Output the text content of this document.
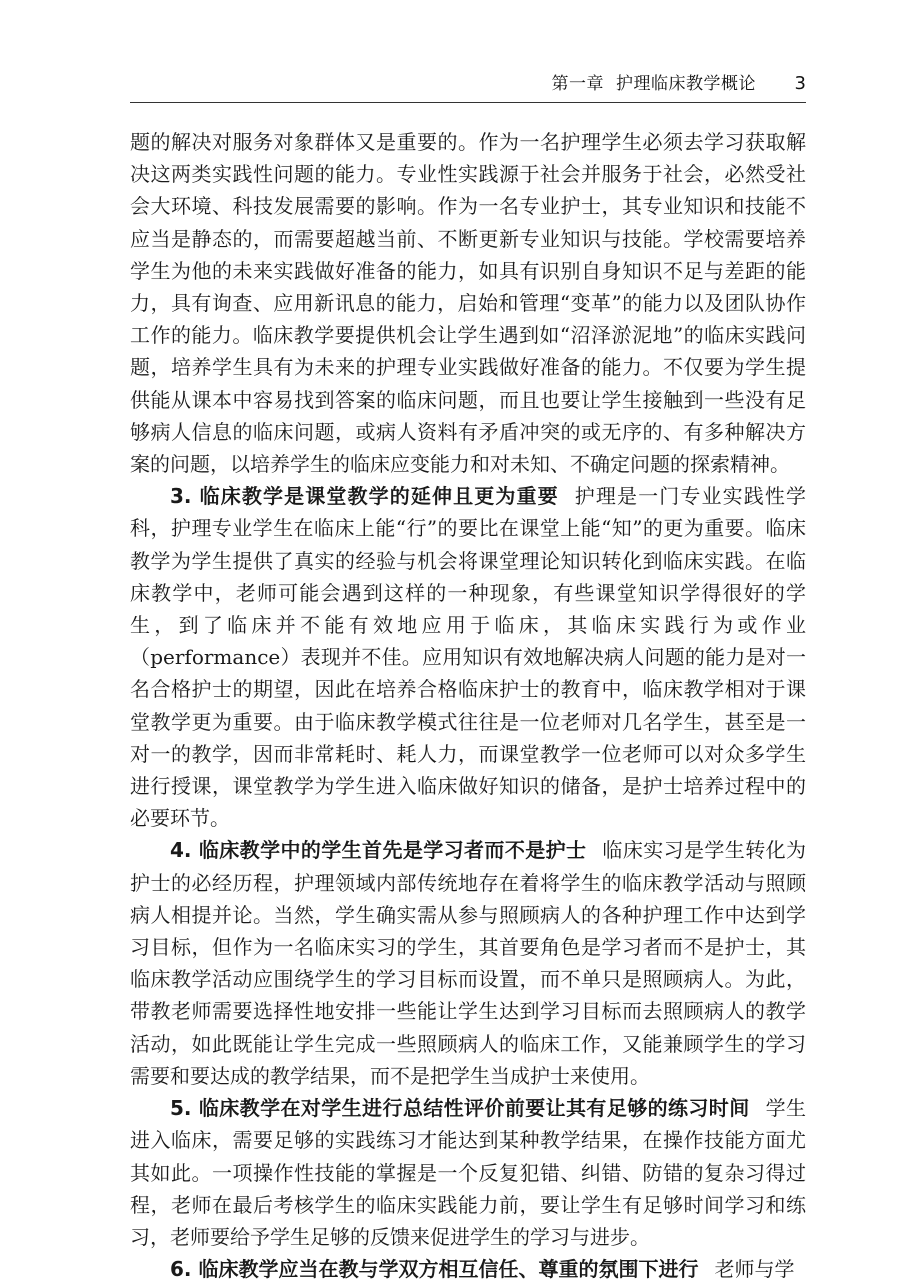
第一章 护理临床教学概论 3

题的解决对服务对象群体又是重要的。作为一名护理学生必须去学习获取解决这两类实践性问题的能力。专业性实践源于社会并服务于社会，必然受社会大环境、科技发展需要的影响。作为一名专业护士，其专业知识和技能不应当是静态的，而需要超越当前、不断更新专业知识与技能。学校需要培养学生为他的未来实践做好准备的能力，如具有识别自身知识不足与差距的能力，具有询查、应用新讯息的能力，启始和管理“变革”的能力以及团队协作工作的能力。临床教学要提供机会让学生遇到如“沼泽淤泥地”的临床实践问题，培养学生具有为未来的护理专业实践做好准备的能力。不仅要为学生提供能从课本中容易找到答案的临床问题，而且也要让学生接触到一些没有足够病人信息的临床问题，或病人资料有矛盾冲突的或无序的、有多种解决方案的问题，以培养学生的临床应变能力和对未知、不确定问题的探索精神。

3. 临床教学是课堂教学的延伸且更为重要 护理是一门专业实践性学科，护理专业学生在临床上能“行”的要比在课堂上能“知”的更为重要。临床教学为学生提供了真实的经验与机会将课堂理论知识转化到临床实践。在临床教学中，老师可能会遇到这样的一种现象，有些课堂知识学得很好的学生，到了临床并不能有效地应用于临床，其临床实践行为或作业（performance）表现并不佳。应用知识有效地解决病人问题的能力是对一名合格护士的期望，因此在培养合格临床护士的教育中，临床教学相对于课堂教学更为重要。由于临床教学模式往往是一位老师对几名学生，甚至是一对一的教学，因而非常耗时、耗人力，而课堂教学一位老师可以对众多学生进行授课，课堂教学为学生进入临床做好知识的储备，是护士培养过程中的必要环节。

4. 临床教学中的学生首先是学习者而不是护士 临床实习是学生转化为护士的必经历程，护理领域内部传统地存在着将学生的临床教学活动与照顾病人相提并论。当然，学生确实需从参与照顾病人的各种护理工作中达到学习目标，但作为一名临床实习的学生，其首要角色是学习者而不是护士，其临床教学活动应围绕学生的学习目标而设置，而不单只是照顾病人。为此，带教老师需要选择性地安排一些能让学生达到学习目标而去照顾病人的教学活动，如此既能让学生完成一些照顾病人的临床工作，又能兼顾学生的学习需要和要达成的教学结果，而不是把学生当成护士来使用。

5. 临床教学在对学生进行总结性评价前要让其有足够的练习时间 学生进入临床，需要足够的实践练习才能达到某种教学结果，在操作技能方面尤其如此。一项操作性技能的掌握是一个反复犯错、纠错、防错的复杂习得过程，老师在最后考核学生的临床实践能力前，要让学生有足够时间学习和练习，老师要给予学生足够的反馈来促进学生的学习与进步。

6. 临床教学应当在教与学双方相互信任、尊重的氛围下进行 老师与学
